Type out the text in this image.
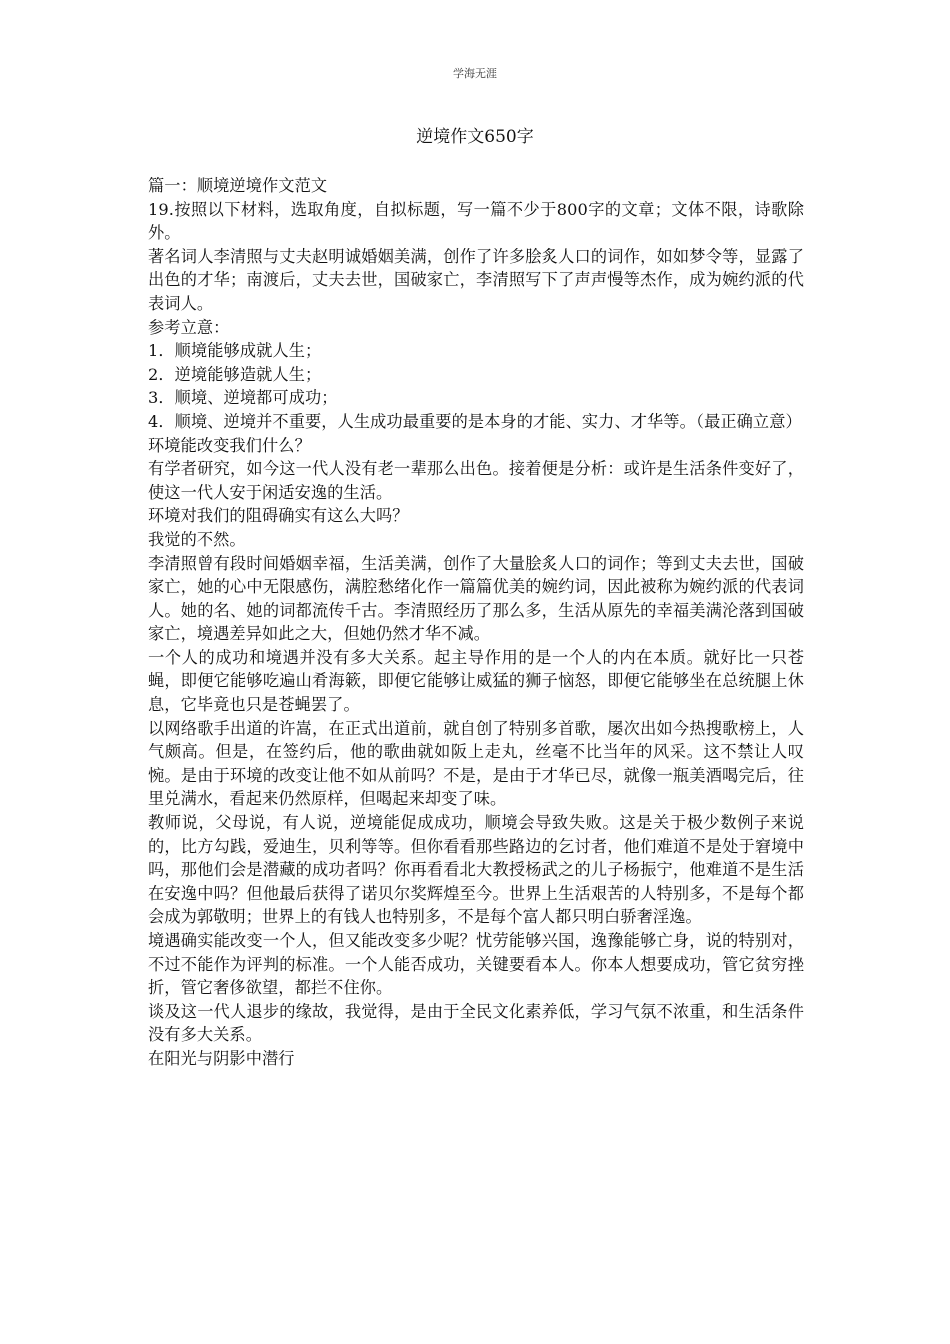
学海无涯
逆境作文650字

篇一：顺境逆境作文范文

19.按照以下材料，选取角度，自拟标题，写一篇不少于800字的文章；文体不限，诗歌除外。

著名词人李清照与丈夫赵明诚婚姻美满，创作了许多脍炙人口的词作，如如梦令等，显露了出色的才华；南渡后，丈夫去世，国破家亡，李清照写下了声声慢等杰作，成为婉约派的代表词人。

参考立意：

1．顺境能够成就人生；

2．逆境能够造就人生；

3．顺境、逆境都可成功；

4．顺境、逆境并不重要，人生成功最重要的是本身的才能、实力、才华等。（最正确立意）

环境能改变我们什么？

有学者研究，如今这一代人没有老一辈那么出色。接着便是分析：或许是生活条件变好了，使这一代人安于闲适安逸的生活。

环境对我们的阻碍确实有这么大吗？

我觉的不然。

李清照曾有段时间婚姻幸福，生活美满，创作了大量脍炙人口的词作；等到丈夫去世，国破家亡，她的心中无限感伤，满腔愁绪化作一篇篇优美的婉约词，因此被称为婉约派的代表词人。她的名、她的词都流传千古。李清照经历了那么多，生活从原先的幸福美满沦落到国破家亡，境遇差异如此之大，但她仍然才华不减。

一个人的成功和境遇并没有多大关系。起主导作用的是一个人的内在本质。就好比一只苍蝇，即便它能够吃遍山肴海簌，即便它能够让威猛的狮子恼怒，即便它能够坐在总统腿上休息，它毕竟也只是苍蝇罢了。

以网络歌手出道的许嵩，在正式出道前，就自创了特别多首歌，屡次出如今热搜歌榜上，人气颇高。但是，在签约后，他的歌曲就如阪上走丸，丝毫不比当年的风采。这不禁让人叹惋。是由于环境的改变让他不如从前吗？不是，是由于才华已尽，就像一瓶美酒喝完后，往里兑满水，看起来仍然原样，但喝起来却变了味。

教师说，父母说，有人说，逆境能促成成功，顺境会导致失败。这是关于极少数例子来说的，比方勾践，爱迪生，贝利等等。但你看看那些路边的乞讨者，他们难道不是处于窘境中吗，那他们会是潜藏的成功者吗？你再看看北大教授杨武之的儿子杨振宁，他难道不是生活在安逸中吗？但他最后获得了诺贝尔奖辉煌至今。世界上生活艰苦的人特别多，不是每个都会成为郭敬明；世界上的有钱人也特别多，不是每个富人都只明白骄奢淫逸。

境遇确实能改变一个人，但又能改变多少呢？忧劳能够兴国，逸豫能够亡身，说的特别对，不过不能作为评判的标准。一个人能否成功，关键要看本人。你本人想要成功，管它贫穷挫折，管它奢侈欲望，都拦不住你。

谈及这一代人退步的缘故，我觉得，是由于全民文化素养低，学习气氛不浓重，和生活条件没有多大关系。

在阳光与阴影中潜行
